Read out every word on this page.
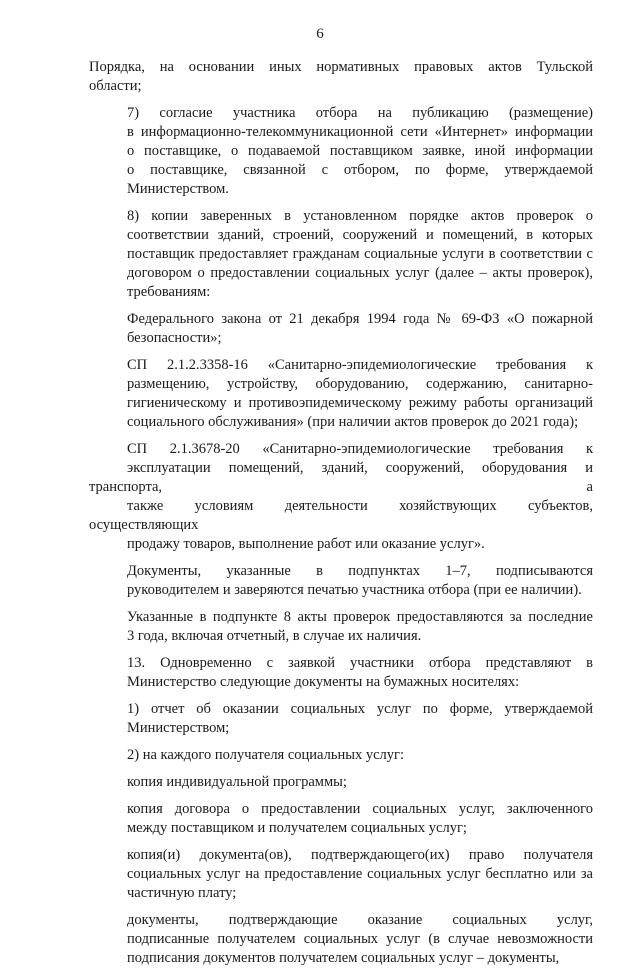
6
Порядка, на основании иных нормативных правовых актов Тульской
области;
7) согласие участника отбора на публикацию (размещение)
в информационно-телекоммуникационной сети «Интернет» информации
о поставщике, о подаваемой поставщиком заявке, иной информации
о поставщике, связанной с отбором, по форме, утверждаемой
Министерством.
8) копии заверенных в установленном порядке актов проверок о
соответствии зданий, строений, сооружений и помещений, в которых
поставщик предоставляет гражданам социальные услуги в соответствии с
договором о предоставлении социальных услуг (далее – акты проверок),
требованиям:
Федерального закона от 21 декабря 1994 года № 69-ФЗ «О пожарной
безопасности»;
СП 2.1.2.3358-16 «Санитарно-эпидемиологические требования к
размещению, устройству, оборудованию, содержанию, санитарно-
гигиеническому и противоэпидемическому режиму работы организаций
социального обслуживания» (при наличии актов проверок до 2021 года);
СП 2.1.3678-20 «Санитарно-эпидемиологические требования к
эксплуатации помещений, зданий, сооружений, оборудования и транспорта, а
также условиям деятельности хозяйствующих субъектов, осуществляющих
продажу товаров, выполнение работ или оказание услуг».
Документы, указанные в подпунктах 1–7, подписываются
руководителем и заверяются печатью участника отбора (при ее наличии).
Указанные в подпункте 8 акты проверок предоставляются за последние
3 года, включая отчетный, в случае их наличия.
13. Одновременно с заявкой участники отбора представляют в
Министерство следующие документы на бумажных носителях:
1) отчет об оказании социальных услуг по форме, утверждаемой
Министерством;
2) на каждого получателя социальных услуг:
копия индивидуальной программы;
копия договора о предоставлении социальных услуг, заключенного
между поставщиком и получателем социальных услуг;
копия(и) документа(ов), подтверждающего(их) право получателя
социальных услуг на предоставление социальных услуг бесплатно или за
частичную плату;
документы, подтверждающие оказание социальных услуг,
подписанные получателем социальных услуг (в случае невозможности
подписания документов получателем социальных услуг – документы,
